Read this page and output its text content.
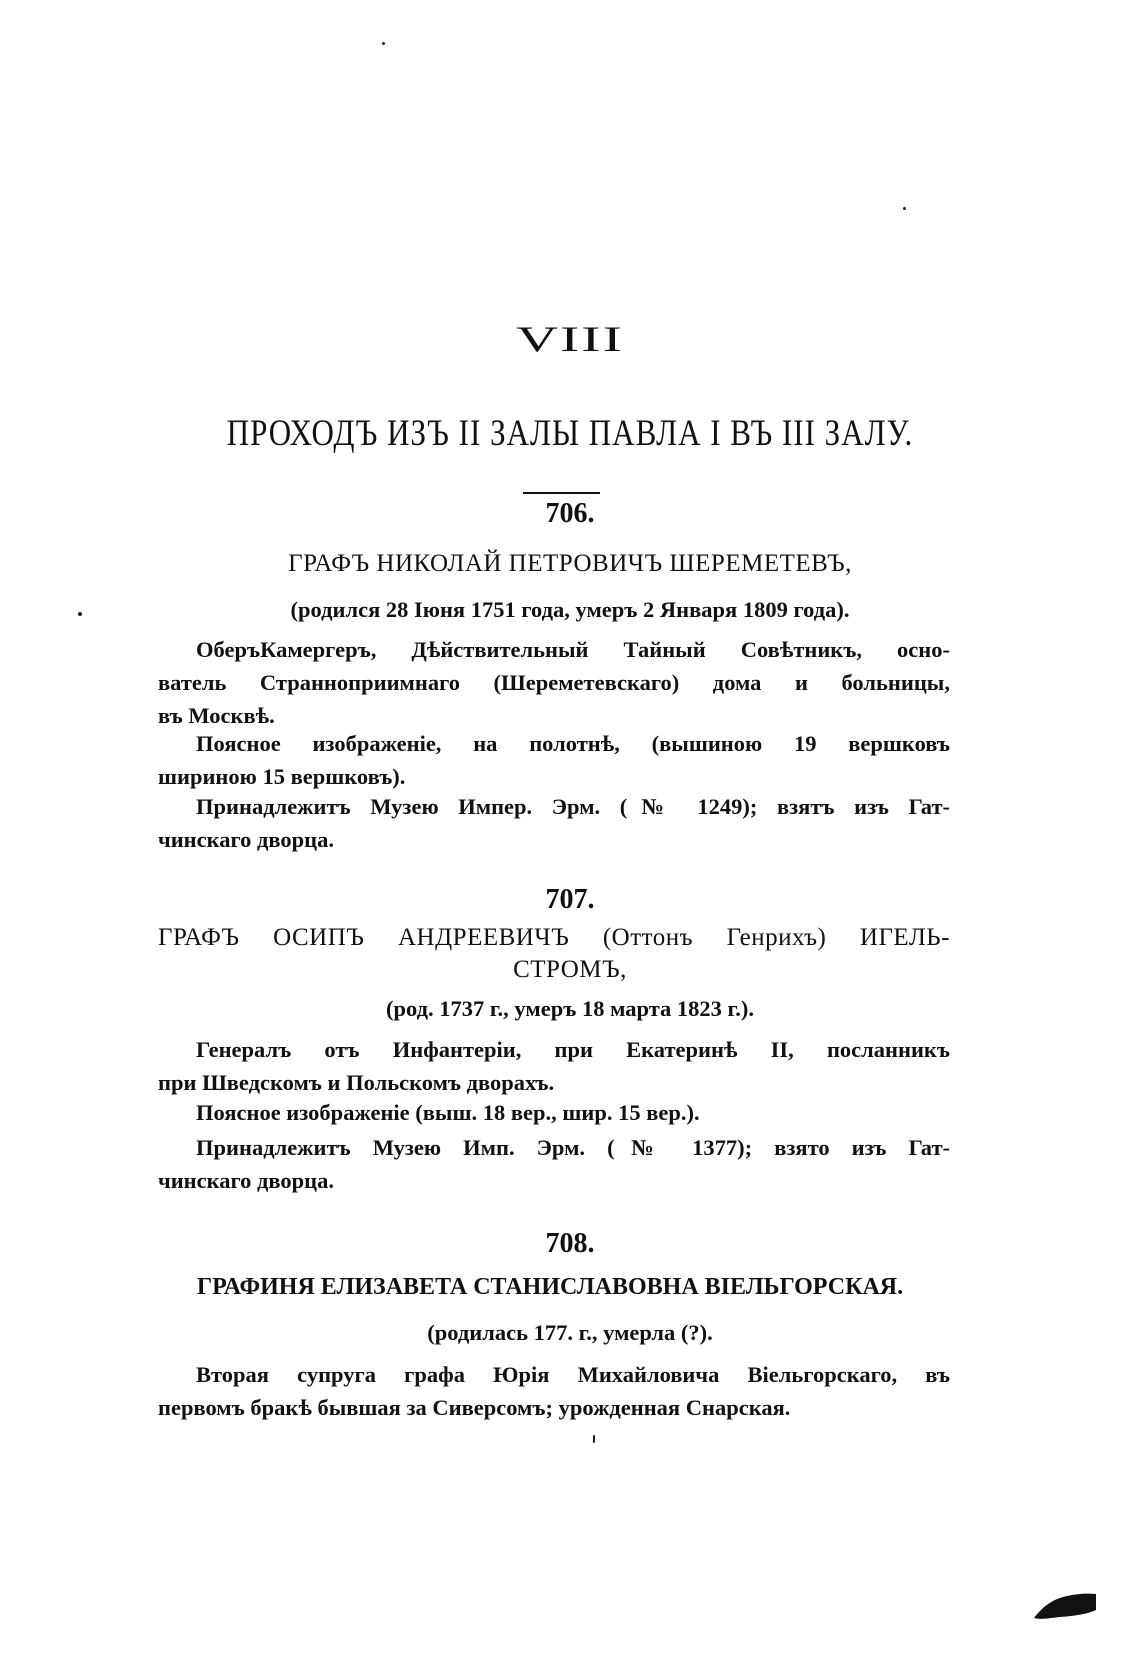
VIII
ПРОХОДЪ ИЗЪ II ЗАЛЫ ПАВЛА I ВЪ III ЗАЛУ.
706.
ГРАФЪ НИКОЛАЙ ПЕТРОВИЧЪ ШЕРЕМЕТЕВЪ,
(родился 28 Іюня 1751 года, умеръ 2 Января 1809 года).
ОберъКамергеръ, Дѣйствительный Тайный Совѣтникъ, осно-
ватель Странноприимнаго (Шереметевскаго) дома и больницы,
въ Москвѣ.
Поясное изображеніе, на полотнѣ, (вышиною 19 вершковъ
шириною 15 вершковъ).
Принадлежитъ Музею Импер. Эрм. (№ 1249); взятъ изъ Гат-
чинскаго дворца.
707.
ГРАФЪ ОСИПЪ АНДРЕЕВИЧЪ (Оттонъ Генрихъ) ИГЕЛЬ-
СТРОМЪ,
(род. 1737 г., умеръ 18 марта 1823 г.).
Генералъ отъ Инфантеріи, при Екатеринѣ II, посланникъ
при Шведскомъ и Польскомъ дворахъ.
Поясное изображеніе (выш. 18 вер., шир. 15 вер.).
Принадлежитъ Музею Имп. Эрм. (№ 1377); взято изъ Гат-
чинскаго дворца.
708.
ГРАФИНЯ ЕЛИЗАВЕТА СТАНИСЛАВОВНА ВІЕЛЬГОРСКАЯ.
(родилась 177. г., умерла (?).
Вторая супруга графа Юрія Михайловича Віельгорскаго, въ
первомъ бракѣ бывшая за Сиверсомъ; урожденная Снарская.
